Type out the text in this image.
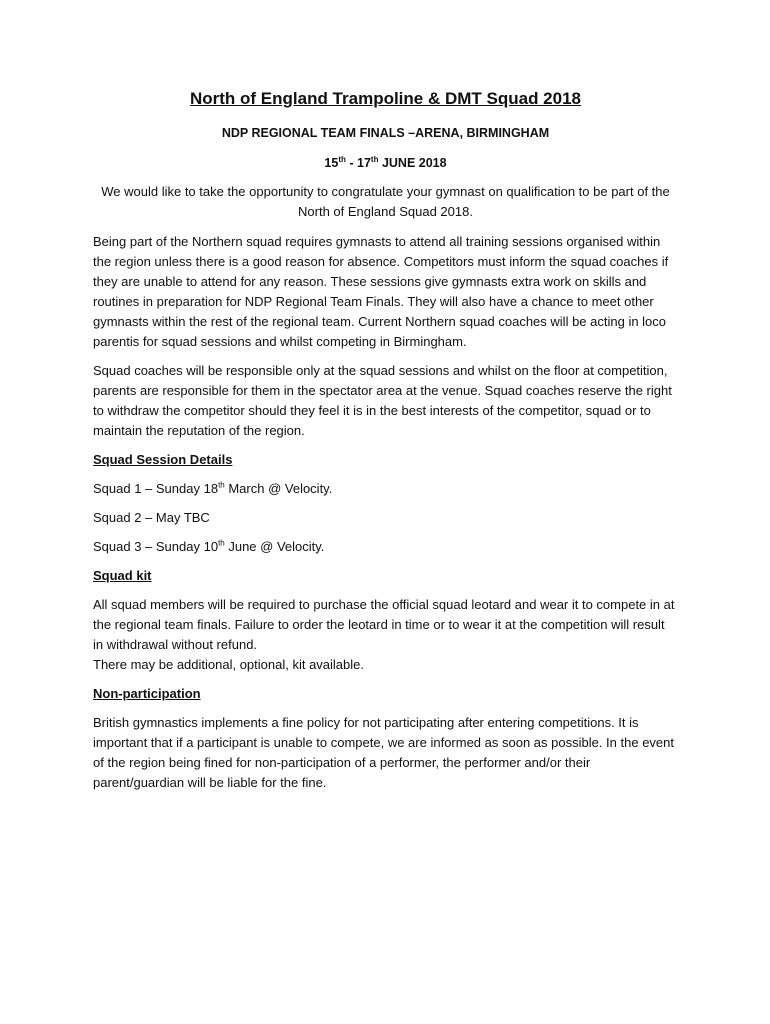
North of England Trampoline & DMT Squad 2018
NDP REGIONAL TEAM FINALS –ARENA, BIRMINGHAM
15th - 17th JUNE 2018
We would like to take the opportunity to congratulate your gymnast on qualification to be part of the North of England Squad 2018.

Being part of the Northern squad requires gymnasts to attend all training sessions organised within the region unless there is a good reason for absence. Competitors must inform the squad coaches if they are unable to attend for any reason. These sessions give gymnasts extra work on skills and routines in preparation for NDP Regional Team Finals. They will also have a chance to meet other gymnasts within the rest of the regional team. Current Northern squad coaches will be acting in loco parentis for squad sessions and whilst competing in Birmingham.

Squad coaches will be responsible only at the squad sessions and whilst on the floor at competition, parents are responsible for them in the spectator area at the venue. Squad coaches reserve the right to withdraw the competitor should they feel it is in the best interests of the competitor, squad or to maintain the reputation of the region.

Squad Session Details
Squad 1 – Sunday 18th March @ Velocity.
Squad 2 – May TBC
Squad 3 – Sunday 10th June @ Velocity.
Squad kit

All squad members will be required to purchase the official squad leotard and wear it to compete in at the regional team finals. Failure to order the leotard in time or to wear it at the competition will result in withdrawal without refund.

There may be additional, optional, kit available.

Non-participation

British gymnastics implements a fine policy for not participating after entering competitions. It is important that if a participant is unable to compete, we are informed as soon as possible. In the event of the region being fined for non-participation of a performer, the performer and/or their parent/guardian will be liable for the fine.
